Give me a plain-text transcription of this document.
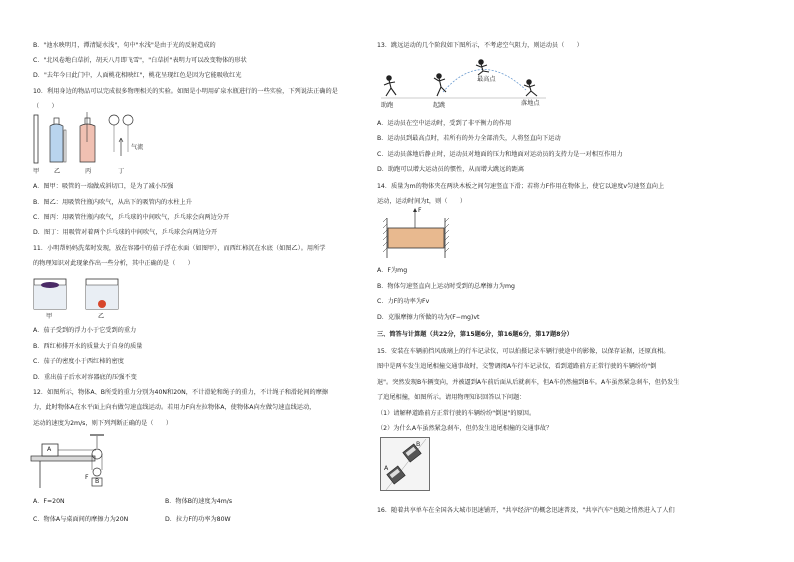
B．"池水映明月，潭清疑水浅"，句中"水浅"是由于光的反射造成的
C．"北风卷地白草折，胡天八月即飞雪"，"白草折"表明力可以改变物体的形状
D．"去年今日此门中，人面桃花相映红"，桃花呈现红色是因为它能吸收红光
10．利用身边的物品可以完成很多物理相关的实验。如图是小明用矿泉水瓶进行的一些实验，下列说法正确的是
（　　）
气流
甲 乙	丙	丁
A．图甲：吸管的一端做成斜切口，是为了减小压强
B．图乙：用吸管往瓶内吹气，从出下的吸管内的水柱上升
C．图丙：用吸管往瓶内吹气，乒乓球的中间吹气，乒乓球会向两边分开
D．图丁：用吸管对着两个乒乓球的中间吹气，乒乓球会向两边分开
11．小明帮妈妈洗菜时发现，放在容器中的茄子浮在水面（如图甲），而西红柿沉在水底（如图乙）。用所学
的物理知识对此现象作出一些分析，其中正确的是（　　）
甲	乙
A．茄子受到的浮力小于它受到的重力
B．西红柿排开水的质量大于自身的质量
C．茄子的密度小于西红柿的密度
D．重出茄子后水对容器底的压强不变
12．如图所示，物体A、B所受的重力分别为40N和20N，不计滑轮和绳子的重力，不计绳子和滑轮间的摩擦
力，此时物体A在水平面上向右做匀速直线运动。若用力F向左拉物体A，使物体A向左做匀速直线运动，
运动的速度为2m/s，则下列判断正确的是（　　）
A
B
F
A．F=20N	B．物体B的速度为4m/s
C．物体A与桌面间的摩擦力为20N	D．拉力F的功率为80W
13．跳远运动的几个阶段如下图所示，不考虑空气阻力，则运动员（　　）
最高点
助跑	起跳	落地点
A．运动员在空中运动时，受到了非平衡力的作用
B．运动员到最高点时，若所有的外力全部消失，人将竖直向下运动
C．运动员落地后静止时，运动员对地面的压力和地面对运动员的支持力是一对相互作用力
D．助跑可以增大运动员的惯性，从而增大跳远的距离
14．质量为m的物体夹在两块木板之间匀速竖直下滑；若将力F作用在物体上，使它以速度v匀速竖直向上
运动，运动时间为t，则（　　）
F
A．F为mg
B．物体匀速竖直向上运动时受到的总摩擦力为mg
C．力F的功率为Fv
D．克服摩擦力所做的功为(F−mg)vt
三、简答与计算题（共22分，第15题6分，第16题6分，第17题8分）
15．安装在车辆前挡风玻璃上的行车记录仪，可以拍摄记录车辆行驶途中的影像，以保存证据，还原真相。
图中是两车发生追尾相撞交通事故时，交警调阅A车行车记录仪，看到道路前方正常行驶的车辆纷纷"倒
退"。突然发现B车辆变向，并被逼到A车前后面从后就刹车，但A车仍然撞到B车。A车虽然紧急刹车，但仍发生
了追尾相撞，如图所示。请用物理知识回答以下问题：
（1）请解释道路前方正常行驶的车辆纷纷"倒退"的原因。
（2）为什么A车虽然紧急刹车，但仍发生追尾相撞的交通事故？
B
A
16．随着共享单车在全国各大城市迅速铺开，"共享经济"的概念迅速普及，"共享汽车"也随之悄然进入了人们
